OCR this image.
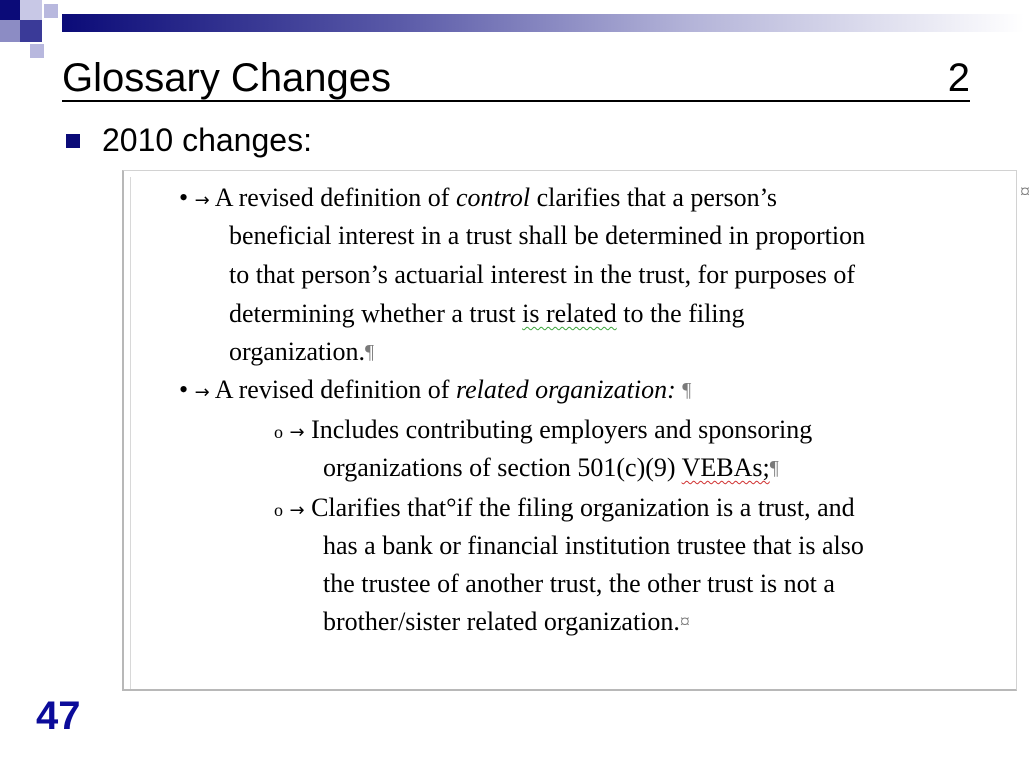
Glossary Changes	2
2010 changes:
• → A revised definition of control clarifies that a person’s
beneficial interest in a trust shall be determined in proportion
to that person’s actuarial interest in the trust, for purposes of
determining whether a trust is related to the filing
organization.¶
• → A revised definition of related organization: ¶
o → Includes contributing employers and sponsoring
organizations of section 501(c)(9) VEBAs;¶
o → Clarifies that°if the filing organization is a trust, and
has a bank or financial institution trustee that is also
the trustee of another trust, the other trust is not a
brother/sister related organization.¤
¤
47
